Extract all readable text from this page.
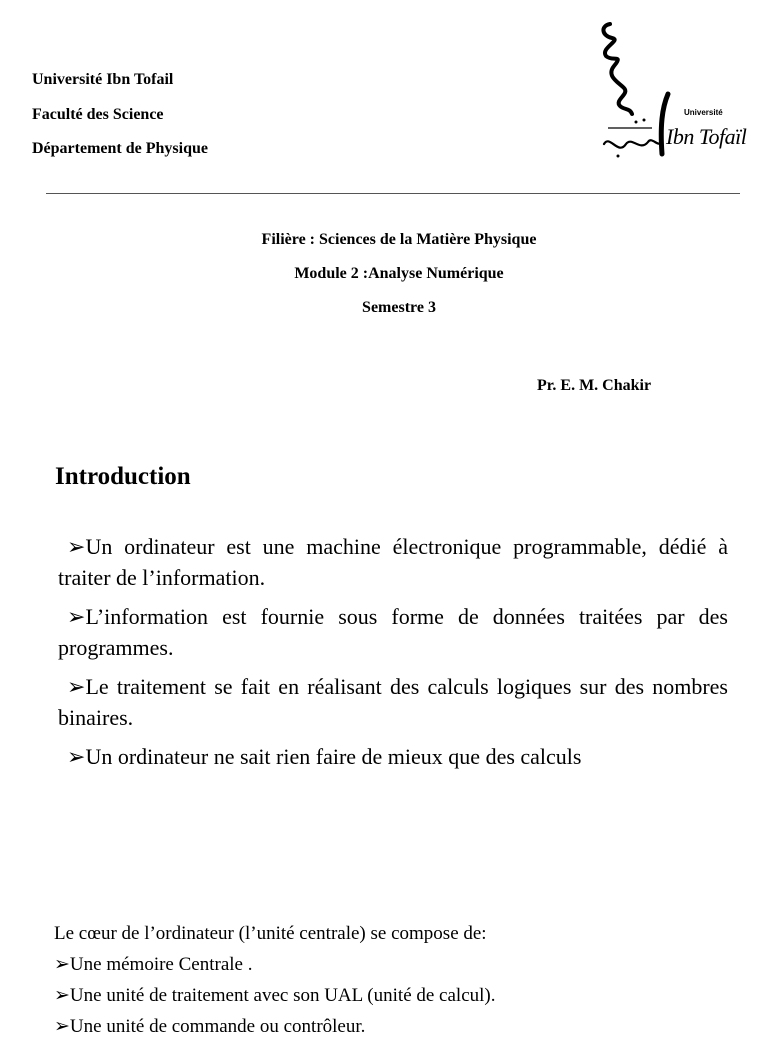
Université Ibn Tofail
Faculté des Science
Département de Physique
Université
Ibn Tofaïl
Filière : Sciences de la Matière Physique
Module 2 :Analyse Numérique
Semestre 3
Pr. E. M. Chakir
Introduction
➢Un ordinateur est une machine électronique programmable, dédié à traiter de l’information.
➢L’information est fournie sous forme de données traitées par des programmes.
➢Le traitement se fait en réalisant des calculs logiques sur des nombres binaires.
➢Un ordinateur ne sait rien faire de mieux que des calculs
Le cœur de l’ordinateur (l’unité centrale) se compose de:
➢Une mémoire Centrale .
➢Une unité de traitement avec son UAL (unité de calcul).
➢Une unité de commande ou contrôleur.
